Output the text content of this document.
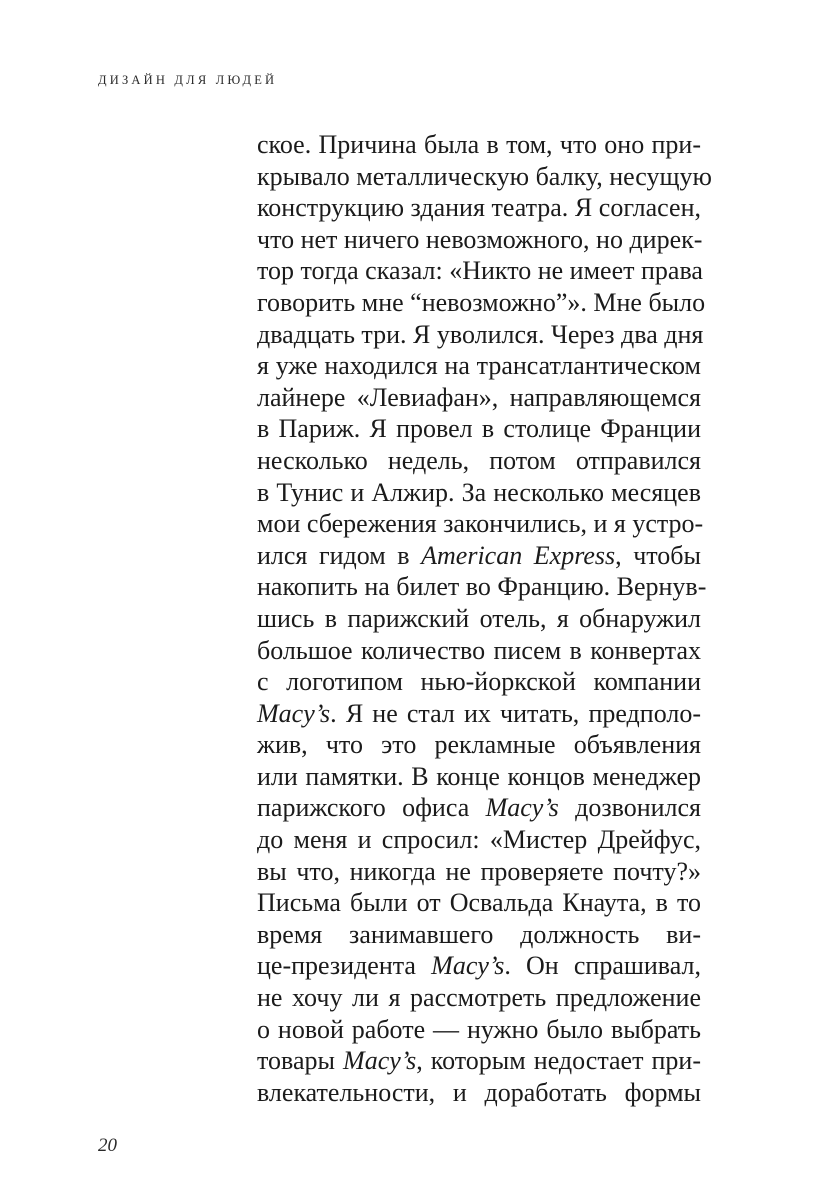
ДИЗАЙН ДЛЯ ЛЮДЕЙ
ское. Причина была в том, что оно при-
крывало металлическую балку, несущую
конструкцию здания театра. Я согласен,
что нет ничего невозможного, но дирек-
тор тогда сказал: «Никто не имеет права
говорить мне “невозможно”». Мне было
двадцать три. Я уволился. Через два дня
я уже находился на трансатлантическом
лайнере «Левиафан», направляющемся
в Париж. Я провел в столице Франции
несколько недель, потом отправился
в Тунис и Алжир. За несколько месяцев
мои сбережения закончились, и я устро-
ился гидом в American Express, чтобы
накопить на билет во Францию. Вернув-
шись в парижский отель, я обнаружил
большое количество писем в конвертах
с логотипом нью-йоркской компании
Macy’s. Я не стал их читать, предполо-
жив, что это рекламные объявления
или памятки. В конце концов менеджер
парижского офиса Macy’s дозвонился
до меня и спросил: «Мистер Дрейфус,
вы что, никогда не проверяете почту?»
Письма были от Освальда Кнаута, в то
время занимавшего должность ви-
це-президента Macy’s. Он спрашивал,
не хочу ли я рассмотреть предложение
о новой работе — нужно было выбрать
товары Macy’s, которым недостает при-
влекательности, и доработать формы
20
